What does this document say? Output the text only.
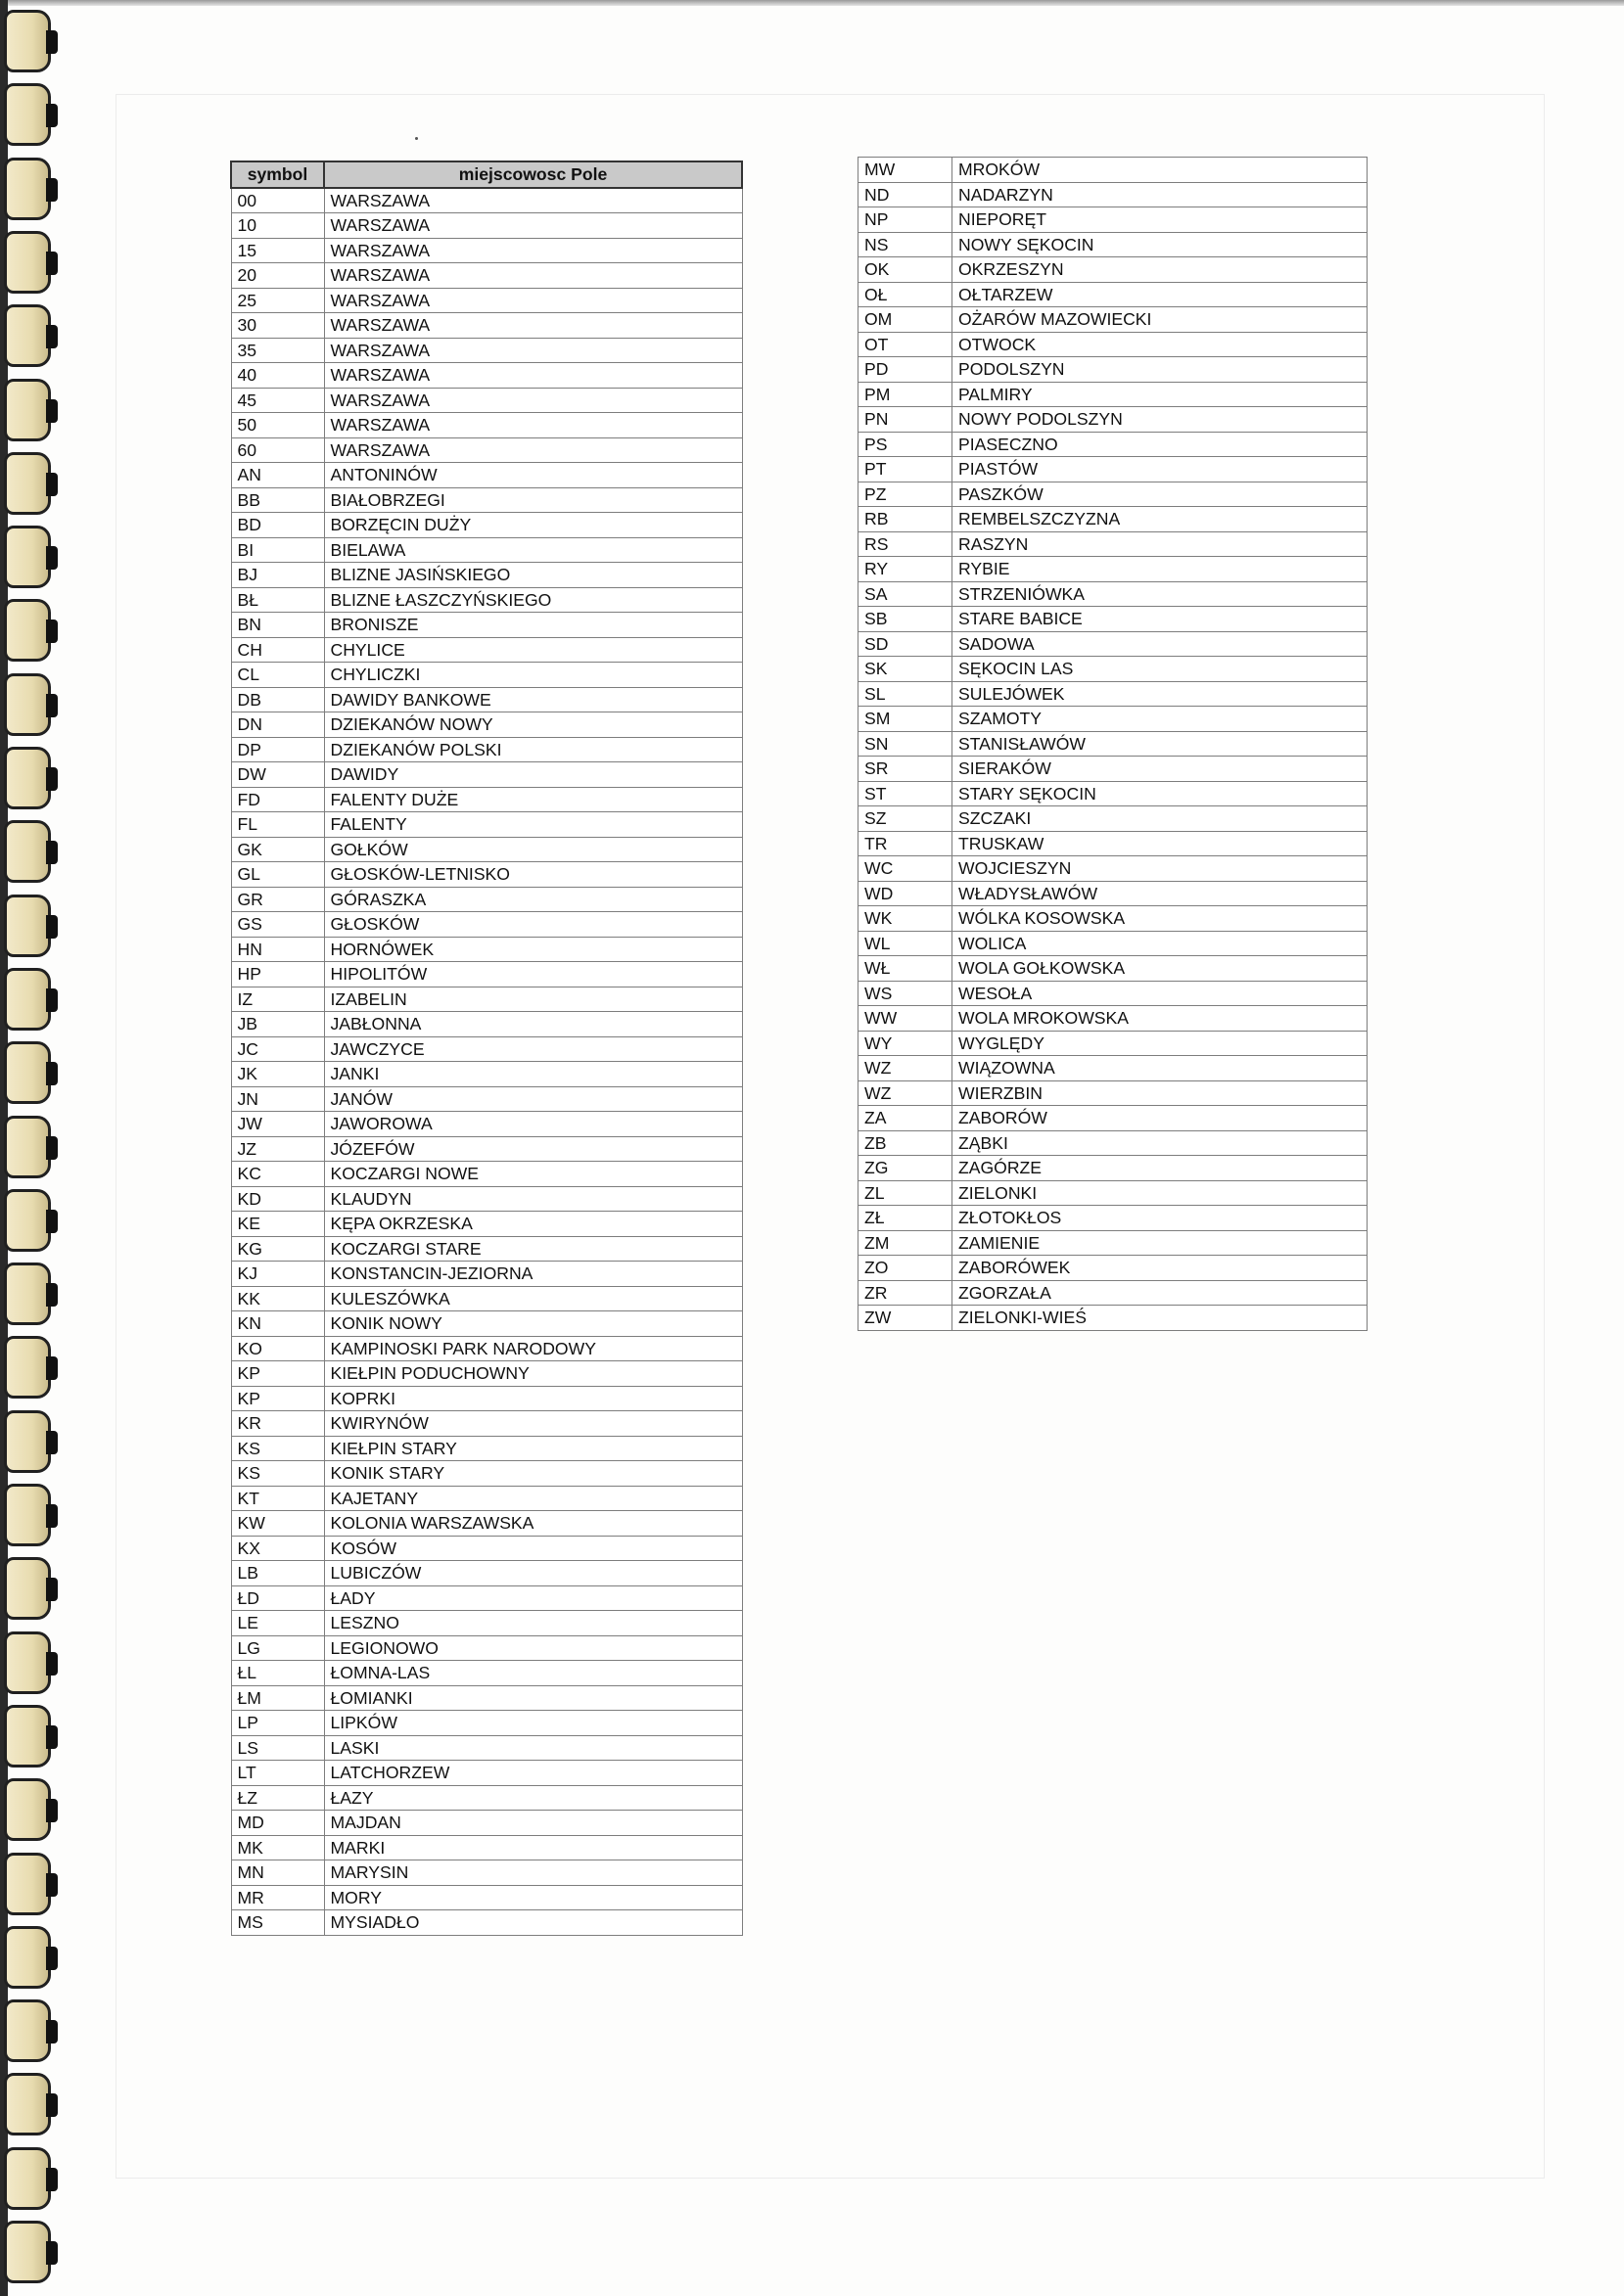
symbol	miejscowosc Pole
00	WARSZAWA
10	WARSZAWA
15	WARSZAWA
20	WARSZAWA
25	WARSZAWA
30	WARSZAWA
35	WARSZAWA
40	WARSZAWA
45	WARSZAWA
50	WARSZAWA
60	WARSZAWA
AN	ANTONINÓW
BB	BIAŁOBRZEGI
BD	BORZĘCIN DUŻY
BI	BIELAWA
BJ	BLIZNE JASIŃSKIEGO
BŁ	BLIZNE ŁASZCZYŃSKIEGO
BN	BRONISZE
CH	CHYLICE
CL	CHYLICZKI
DB	DAWIDY BANKOWE
DN	DZIEKANÓW NOWY
DP	DZIEKANÓW POLSKI
DW	DAWIDY
FD	FALENTY DUŻE
FL	FALENTY
GK	GOŁKÓW
GL	GŁOSKÓW-LETNISKO
GR	GÓRASZKA
GS	GŁOSKÓW
HN	HORNÓWEK
HP	HIPOLITÓW
IZ	IZABELIN
JB	JABŁONNA
JC	JAWCZYCE
JK	JANKI
JN	JANÓW
JW	JAWOROWA
JZ	JÓZEFÓW
KC	KOCZARGI NOWE
KD	KLAUDYN
KE	KĘPA OKRZESKA
KG	KOCZARGI STARE
KJ	KONSTANCIN-JEZIORNA
KK	KULESZÓWKA
KN	KONIK NOWY
KO	KAMPINOSKI PARK NARODOWY
KP	KIEŁPIN PODUCHOWNY
KP	KOPRKI
KR	KWIRYNÓW
KS	KIEŁPIN STARY
KS	KONIK STARY
KT	KAJETANY
KW	KOLONIA WARSZAWSKA
KX	KOSÓW
LB	LUBICZÓW
ŁD	ŁADY
LE	LESZNO
LG	LEGIONOWO
ŁL	ŁOMNA-LAS
ŁM	ŁOMIANKI
LP	LIPKÓW
LS	LASKI
LT	LATCHORZEW
ŁZ	ŁAZY
MD	MAJDAN
MK	MARKI
MN	MARYSIN
MR	MORY
MS	MYSIADŁO
MW	MROKÓW
ND	NADARZYN
NP	NIEPORĘT
NS	NOWY SĘKOCIN
OK	OKRZESZYN
OŁ	OŁTARZEW
OM	OŻARÓW MAZOWIECKI
OT	OTWOCK
PD	PODOLSZYN
PM	PALMIRY
PN	NOWY PODOLSZYN
PS	PIASECZNO
PT	PIASTÓW
PZ	PASZKÓW
RB	REMBELSZCZYZNA
RS	RASZYN
RY	RYBIE
SA	STRZENIÓWKA
SB	STARE BABICE
SD	SADOWA
SK	SĘKOCIN LAS
SL	SULEJÓWEK
SM	SZAMOTY
SN	STANISŁAWÓW
SR	SIERAKÓW
ST	STARY SĘKOCIN
SZ	SZCZAKI
TR	TRUSKAW
WC	WOJCIESZYN
WD	WŁADYSŁAWÓW
WK	WÓLKA KOSOWSKA
WL	WOLICA
WŁ	WOLA GOŁKOWSKA
WS	WESOŁA
WW	WOLA MROKOWSKA
WY	WYGLĘDY
WZ	WIĄZOWNA
WZ	WIERZBIN
ZA	ZABORÓW
ZB	ZĄBKI
ZG	ZAGÓRZE
ZL	ZIELONKI
ZŁ	ZŁOTOKŁOS
ZM	ZAMIENIE
ZO	ZABORÓWEK
ZR	ZGORZAŁA
ZW	ZIELONKI-WIEŚ
